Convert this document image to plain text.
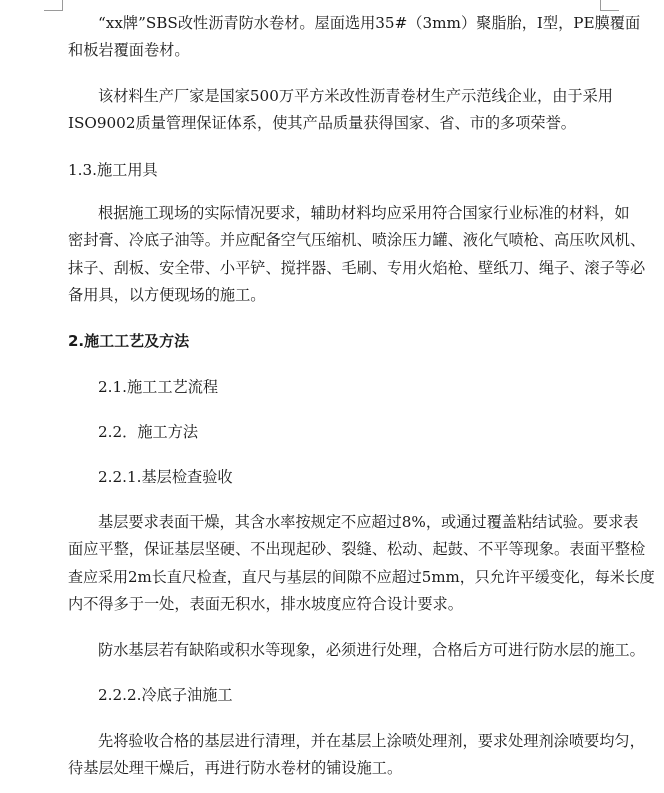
“xx牌”SBS改性沥青防水卷材。屋面选用35#（3mm）聚脂胎，I型，PE膜覆面
和板岩覆面卷材。
该材料生产厂家是国家500万平方米改性沥青卷材生产示范线企业，由于采用
ISO9002质量管理保证体系，使其产品质量获得国家、省、市的多项荣誉。
1.3.施工用具
根据施工现场的实际情况要求，辅助材料均应采用符合国家行业标准的材料，如
密封膏、冷底子油等。并应配备空气压缩机、喷涂压力罐、液化气喷枪、高压吹风机、
抹子、刮板、安全带、小平铲、搅拌器、毛刷、专用火焰枪、壁纸刀、绳子、滚子等必
备用具，以方便现场的施工。
2.施工工艺及方法
2.1.施工工艺流程
2.2．施工方法
2.2.1.基层检查验收
基层要求表面干燥，其含水率按规定不应超过8%，或通过覆盖粘结试验。要求表
面应平整，保证基层坚硬、不出现起砂、裂缝、松动、起鼓、不平等现象。表面平整检
查应采用2m长直尺检查，直尺与基层的间隙不应超过5mm，只允许平缓变化，每米长度
内不得多于一处，表面无积水，排水坡度应符合设计要求。
防水基层若有缺陷或积水等现象，必须进行处理，合格后方可进行防水层的施工。
2.2.2.冷底子油施工
先将验收合格的基层进行清理，并在基层上涂喷处理剂，要求处理剂涂喷要均匀，
待基层处理干燥后，再进行防水卷材的铺设施工。
